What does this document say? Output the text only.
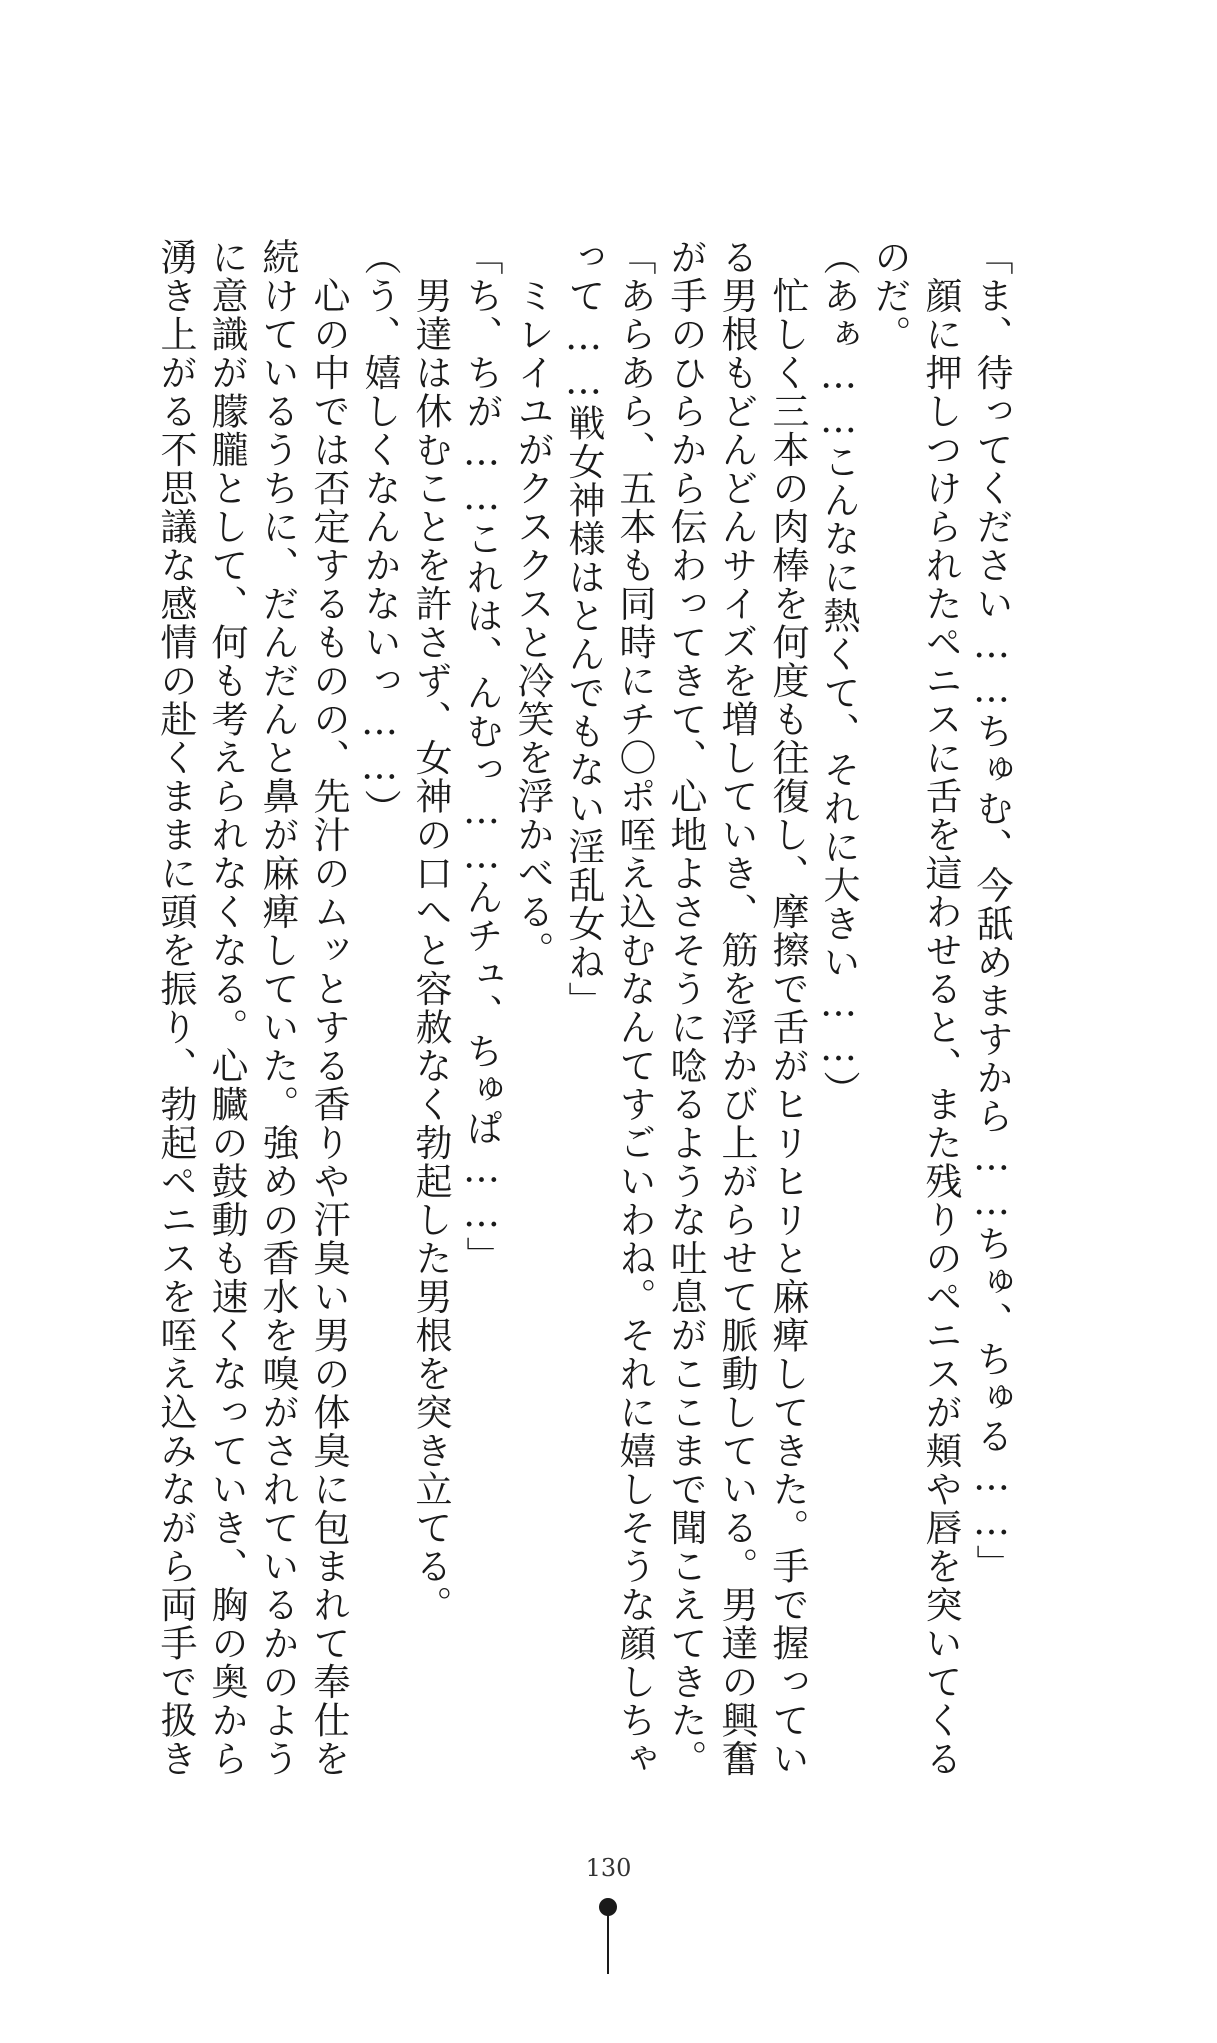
「ま、待ってください……ちゅむ、今舐めますから……ちゅ、ちゅる……」

　顔に押しつけられたペニスに舌を這わせると、また残りのペニスが頬や唇を突いてくる

のだ。

（あぁ……こんなに熱くて、それに大きい……）

　忙しく三本の肉棒を何度も往復し、摩擦で舌がヒリヒリと麻痺してきた。手で握ってい

る男根もどんどんサイズを増していき、筋を浮かび上がらせて脈動している。男達の興奮

が手のひらから伝わってきて、心地よさそうに唸るような吐息がここまで聞こえてきた。

「あらあら、五本も同時にチ〇ポ咥え込むなんてすごいわね。それに嬉しそうな顔しちゃ

って……戦女神様はとんでもない淫乱女ね」

　ミレイユがクスクスと冷笑を浮かべる。

「ち、ちが……これは、んむっ……んチュ、ちゅぱ……」

　男達は休むことを許さず、女神の口へと容赦なく勃起した男根を突き立てる。

（う、嬉しくなんかないっ……）

　心の中では否定するものの、先汁のムッとする香りや汗臭い男の体臭に包まれて奉仕を

続けているうちに、だんだんと鼻が麻痺していた。強めの香水を嗅がされているかのよう

に意識が朦朧として、何も考えられなくなる。心臓の鼓動も速くなっていき、胸の奥から

湧き上がる不思議な感情の赴くままに頭を振り、勃起ペニスを咥え込みながら両手で扱き

130
